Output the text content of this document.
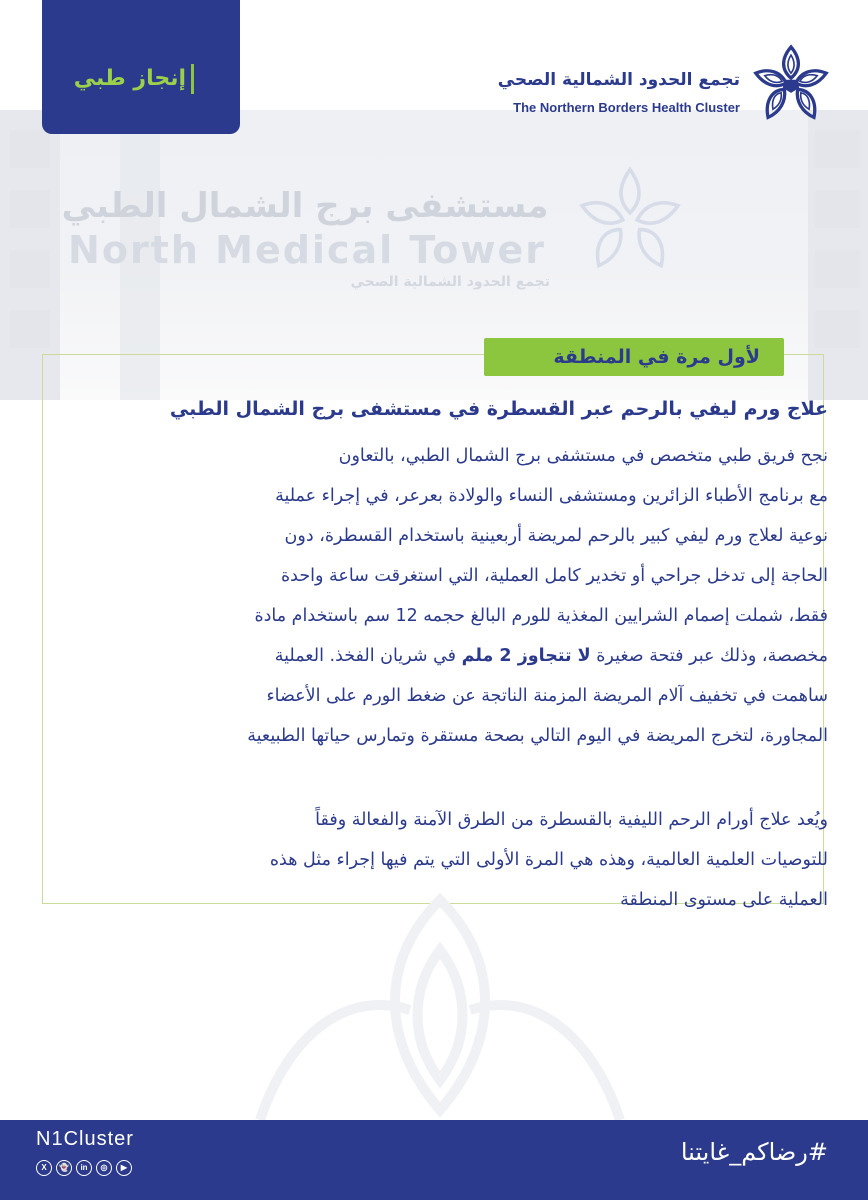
مستشفى برج الشمال الطبي
North Medical Tower
تجمع الحدود الشمالية الصحي
إنجاز طبي	تجمع الحدود الشمالية الصحي
The Northern Borders Health Cluster
لأول مرة في المنطقة
علاج ورم ليفي بالرحم عبر القسطرة في مستشفى برج الشمال الطبي
نجح فريق طبي متخصص في مستشفى برج الشمال الطبي، بالتعاون
مع برنامج الأطباء الزائرين ومستشفى النساء والولادة بعرعر، في إجراء عملية
نوعية لعلاج ورم ليفي كبير بالرحم لمريضة أربعينية باستخدام القسطرة، دون
الحاجة إلى تدخل جراحي أو تخدير كامل العملية، التي استغرقت ساعة واحدة
فقط، شملت إصمام الشرايين المغذية للورم البالغ حجمه 12 سم باستخدام مادة
مخصصة، وذلك عبر فتحة صغيرة لا تتجاوز 2 ملم في شريان الفخذ. العملية
ساهمت في تخفيف آلام المريضة المزمنة الناتجة عن ضغط الورم على الأعضاء
المجاورة، لتخرج المريضة في اليوم التالي بصحة مستقرة وتمارس حياتها الطبيعية
ويُعد علاج أورام الرحم الليفية بالقسطرة من الطرق الآمنة والفعالة وفقاً
للتوصيات العلمية العالمية، وهذه هي المرة الأولى التي يتم فيها إجراء مثل هذه
العملية على مستوى المنطقة
N1Cluster
X	👻	in	◎	▶
#رضاكم_غايتنا
